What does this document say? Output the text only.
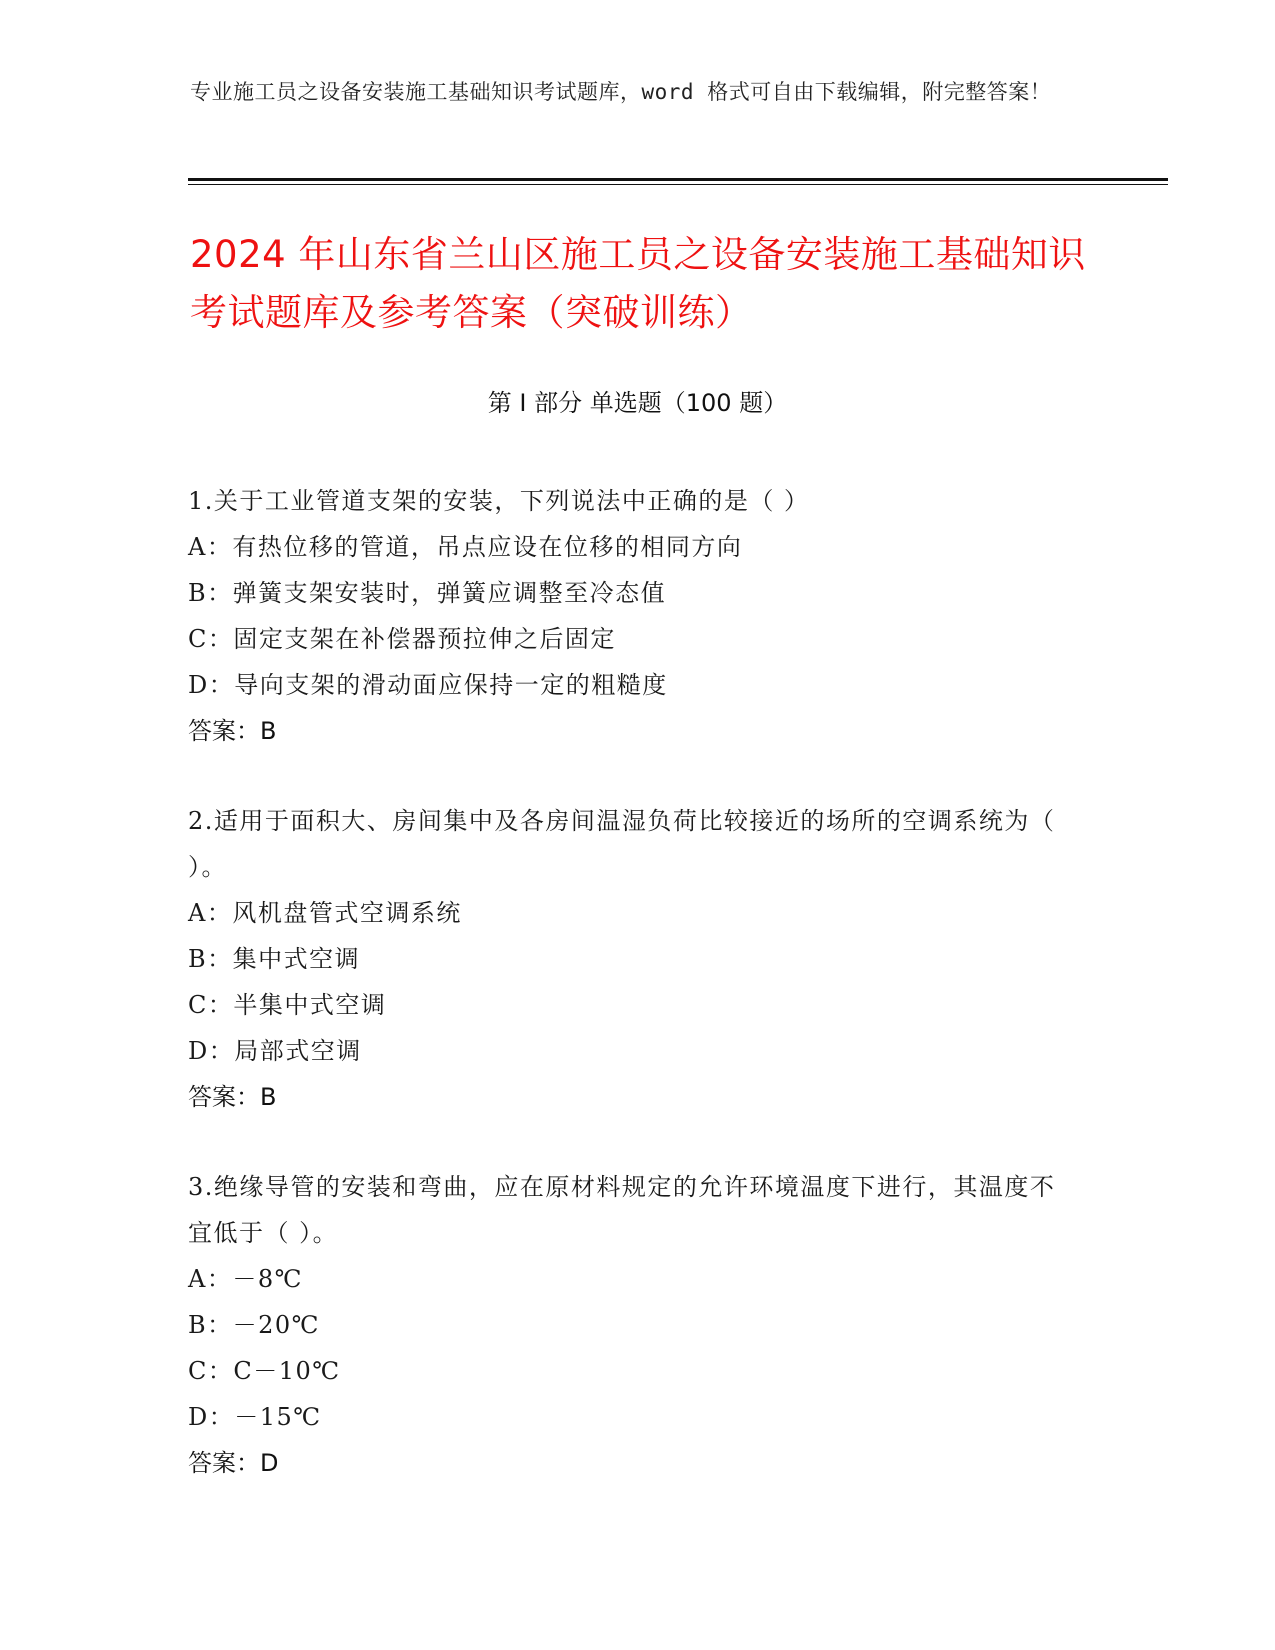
专业施工员之设备安装施工基础知识考试题库，word 格式可自由下载编辑，附完整答案！
2024 年山东省兰山区施工员之设备安装施工基础知识考试题库及参考答案（突破训练）
第 I 部分 单选题（100 题）
1.关于工业管道支架的安装，下列说法中正确的是（ ）
A：有热位移的管道，吊点应设在位移的相同方向
B：弹簧支架安装时，弹簧应调整至冷态值
C：固定支架在补偿器预拉伸之后固定
D：导向支架的滑动面应保持一定的粗糙度
答案：B
2.适用于面积大、房间集中及各房间温湿负荷比较接近的场所的空调系统为（ ）。
A：风机盘管式空调系统
B：集中式空调
C：半集中式空调
D：局部式空调
答案：B
3.绝缘导管的安装和弯曲，应在原材料规定的允许环境温度下进行，其温度不宜低于（ ）。
A：－8℃
B：－20℃
C：C－10℃
D：－15℃
答案：D
